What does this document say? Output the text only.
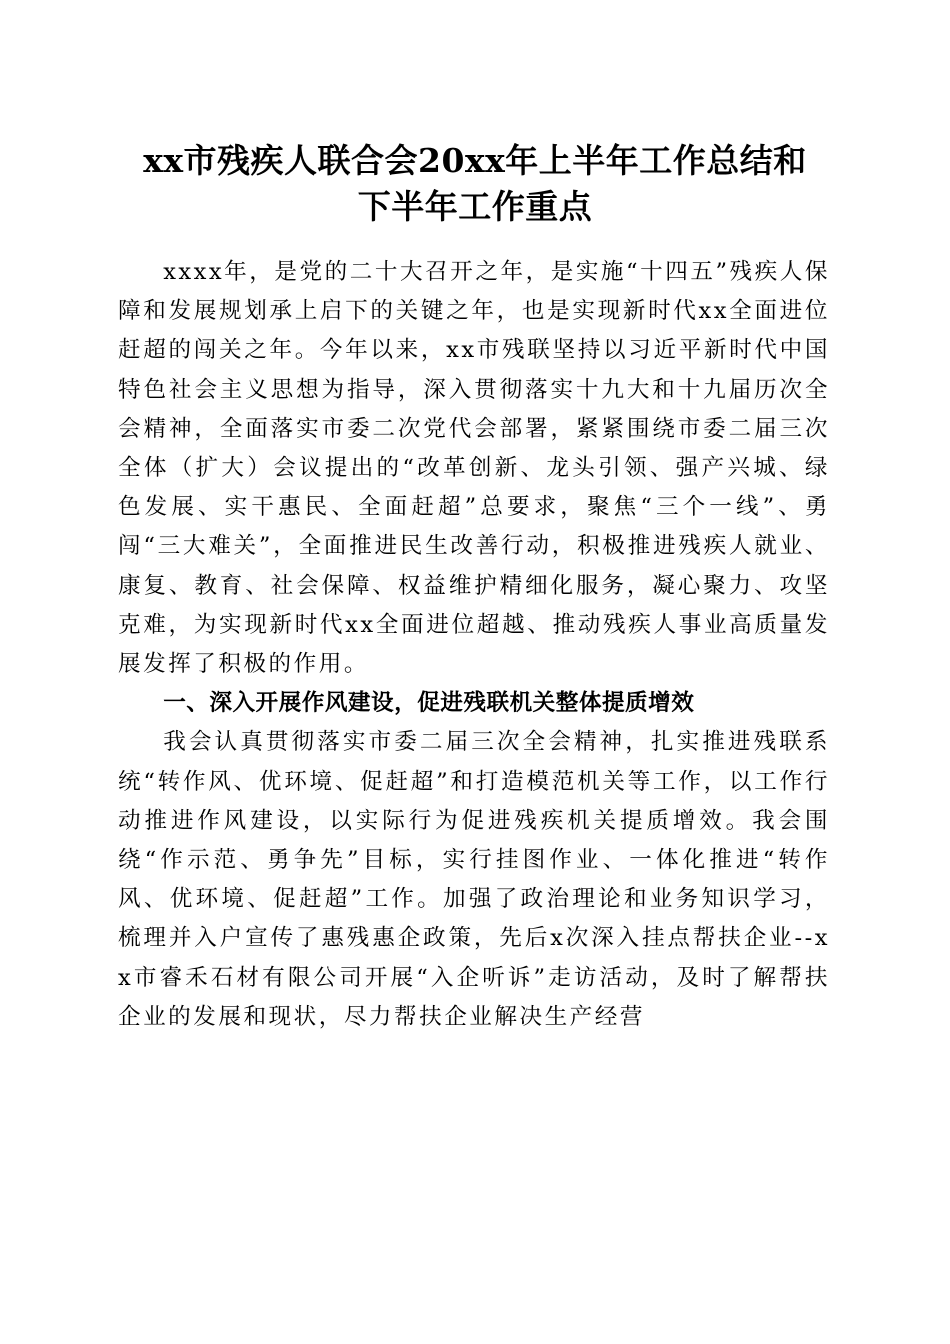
xx市残疾人联合会20xx年上半年工作总结和
下半年工作重点

xxxx年，是党的二十大召开之年，是实施“十四五”残疾人保障和发展规划承上启下的关键之年，也是实现新时代xx全面进位赶超的闯关之年。今年以来，xx市残联坚持以习近平新时代中国特色社会主义思想为指导，深入贯彻落实十九大和十九届历次全会精神，全面落实市委二次党代会部署，紧紧围绕市委二届三次全体（扩大）会议提出的“改革创新、龙头引领、强产兴城、绿色发展、实干惠民、全面赶超”总要求，聚焦“三个一线”、勇闯“三大难关”，全面推进民生改善行动，积极推进残疾人就业、康复、教育、社会保障、权益维护精细化服务，凝心聚力、攻坚克难，为实现新时代xx全面进位超越、推动残疾人事业高质量发展发挥了积极的作用。

一、深入开展作风建设，促进残联机关整体提质增效

我会认真贯彻落实市委二届三次全会精神，扎实推进残联系统“转作风、优环境、促赶超”和打造模范机关等工作，以工作行动推进作风建设，以实际行为促进残疾机关提质增效。我会围绕“作示范、勇争先”目标，实行挂图作业、一体化推进“转作风、优环境、促赶超”工作。加强了政治理论和业务知识学习，梳理并入户宣传了惠残惠企政策，先后x次深入挂点帮扶企业--xx市睿禾石材有限公司开展“入企听诉”走访活动，及时了解帮扶企业的发展和现状，尽力帮扶企业解决生产经营
